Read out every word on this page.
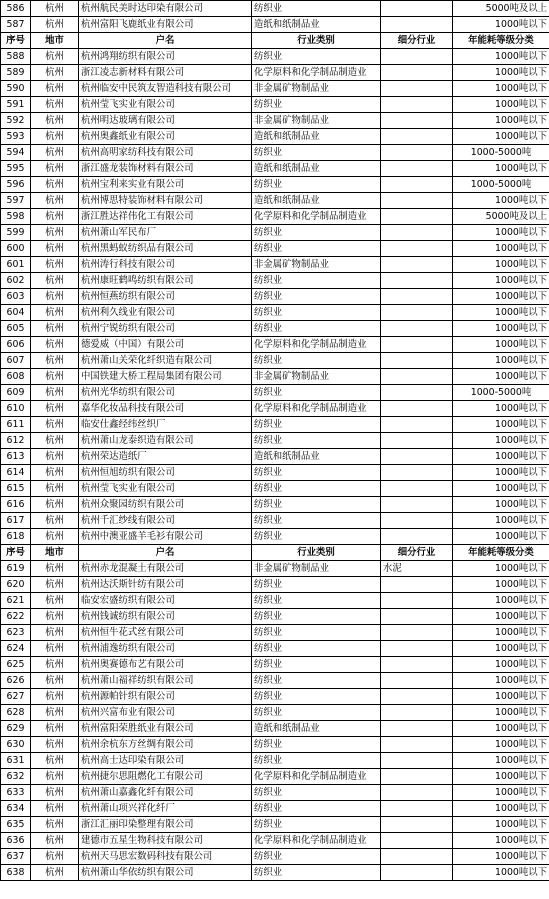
586	杭州	杭州航民美时达印染有限公司	纺织业		5000吨及以上
587	杭州	杭州富阳飞鹿纸业有限公司	造纸和纸制品业		1000吨以下
序号	地市	户名	行业类别	细分行业	年能耗等级分类
588	杭州	杭州鸿翔纺织有限公司	纺织业		1000吨以下
589	杭州	浙江凌志新材料有限公司	化学原料和化学制品制造业		1000吨以下
590	杭州	杭州临安中民筑友智造科技有限公司	非金属矿物制品业		1000吨以下
591	杭州	杭州莹飞实业有限公司	纺织业		1000吨以下
592	杭州	杭州明达玻璃有限公司	非金属矿物制品业		1000吨以下
593	杭州	杭州奥鑫纸业有限公司	造纸和纸制品业		1000吨以下
594	杭州	杭州高明家纺科技有限公司	纺织业		1000-5000吨
595	杭州	浙江盛龙装饰材料有限公司	造纸和纸制品业		1000吨以下
596	杭州	杭州宝利来实业有限公司	纺织业		1000-5000吨
597	杭州	杭州博思特装饰材料有限公司	造纸和纸制品业		1000吨以下
598	杭州	浙江胜达祥伟化工有限公司	化学原料和化学制品制造业		5000吨及以上
599	杭州	杭州萧山军民布厂	纺织业		1000吨以下
600	杭州	杭州黑蚂蚁纺织品有限公司	纺织业		1000吨以下
601	杭州	杭州涛行科技有限公司	非金属矿物制品业		1000吨以下
602	杭州	杭州康旺鹤鸣纺织有限公司	纺织业		1000吨以下
603	杭州	杭州恒燕纺织有限公司	纺织业		1000吨以下
604	杭州	杭州利久线业有限公司	纺织业		1000吨以下
605	杭州	杭州宁锐纺织有限公司	纺织业		1000吨以下
606	杭州	德爱威（中国）有限公司	化学原料和化学制品制造业		1000吨以下
607	杭州	杭州萧山关荣化纤织造有限公司	纺织业		1000吨以下
608	杭州	中国铁建大桥工程局集团有限公司	非金属矿物制品业		1000吨以下
609	杭州	杭州光华纺织有限公司	纺织业		1000-5000吨
610	杭州	嘉华化妆品科技有限公司	化学原料和化学制品制造业		1000吨以下
611	杭州	临安仕鑫经纬丝织厂	纺织业		1000吨以下
612	杭州	杭州萧山龙泰织造有限公司	纺织业		1000吨以下
613	杭州	杭州荣达造纸厂	造纸和纸制品业		1000吨以下
614	杭州	杭州恒旭纺织有限公司	纺织业		1000吨以下
615	杭州	杭州莹飞实业有限公司	纺织业		1000吨以下
616	杭州	杭州众聚园纺织有限公司	纺织业		1000吨以下
617	杭州	杭州千汇纱线有限公司	纺织业		1000吨以下
618	杭州	杭州中澳亚盛羊毛衫有限公司	纺织业		1000吨以下
序号	地市	户名	行业类别	细分行业	年能耗等级分类
619	杭州	杭州赤龙混凝土有限公司	非金属矿物制品业	水泥	1000吨以下
620	杭州	杭州达沃斯针纺有限公司	纺织业		1000吨以下
621	杭州	临安宏盛纺织有限公司	纺织业		1000吨以下
622	杭州	杭州钱诚纺织有限公司	纺织业		1000吨以下
623	杭州	杭州恒牛花式丝有限公司	纺织业		1000吨以下
624	杭州	杭州浦逸纺织有限公司	纺织业		1000吨以下
625	杭州	杭州奥赛德布艺有限公司	纺织业		1000吨以下
626	杭州	杭州萧山福祥纺织有限公司	纺织业		1000吨以下
627	杭州	杭州源帕针织有限公司	纺织业		1000吨以下
628	杭州	杭州兴富布业有限公司	纺织业		1000吨以下
629	杭州	杭州富阳荣胜纸业有限公司	造纸和纸制品业		1000吨以下
630	杭州	杭州余杭东方丝绸有限公司	纺织业		1000吨以下
631	杭州	杭州高士达印染有限公司	纺织业		1000吨以下
632	杭州	杭州捷尔思阻燃化工有限公司	化学原料和化学制品制造业		1000吨以下
633	杭州	杭州萧山嘉鑫化纤有限公司	纺织业		1000吨以下
634	杭州	杭州萧山项兴祥化纤厂	纺织业		1000吨以下
635	杭州	浙江汇丽印染整理有限公司	纺织业		1000吨以下
636	杭州	建德市五星生物科技有限公司	化学原料和化学制品制造业		1000吨以下
637	杭州	杭州天马思宏数码科技有限公司	纺织业		1000吨以下
638	杭州	杭州萧山华依纺织有限公司	纺织业		1000吨以下
